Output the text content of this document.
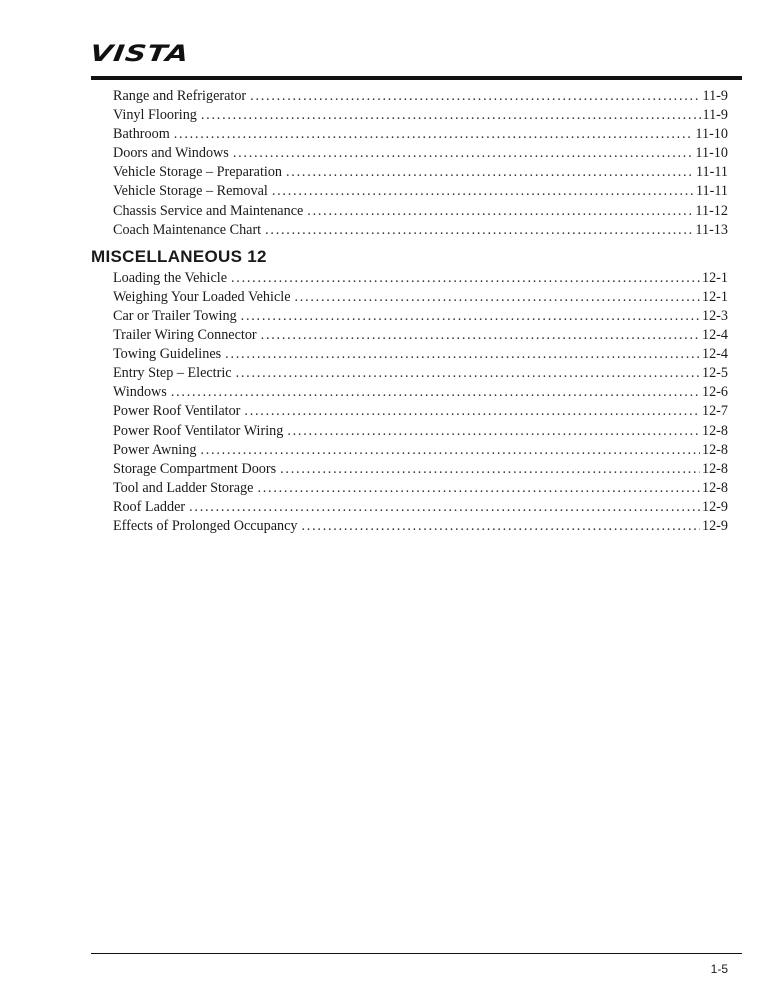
VISTA
Range and Refrigerator . . .	11-9
Vinyl Flooring . . .	11-9
Bathroom . . .	11-10
Doors and Windows . . .	11-10
Vehicle Storage – Preparation . . .	11-11
Vehicle Storage – Removal . . .	11-11
Chassis Service and Maintenance . . .	11-12
Coach Maintenance Chart . . .	11-13
MISCELLANEOUS 12
Loading the Vehicle . . .	12-1
Weighing Your Loaded Vehicle . . .	12-1
Car or Trailer Towing . . .	12-3
Trailer Wiring Connector . . .	12-4
Towing Guidelines . . .	12-4
Entry Step – Electric . . .	12-5
Windows . . .	12-6
Power Roof Ventilator . . .	12-7
Power Roof Ventilator Wiring . . .	12-8
Power Awning . . .	12-8
Storage Compartment Doors . . .	12-8
Tool and Ladder Storage . . .	12-8
Roof Ladder . . .	12-9
Effects of Prolonged Occupancy . . .	12-9
1-5
